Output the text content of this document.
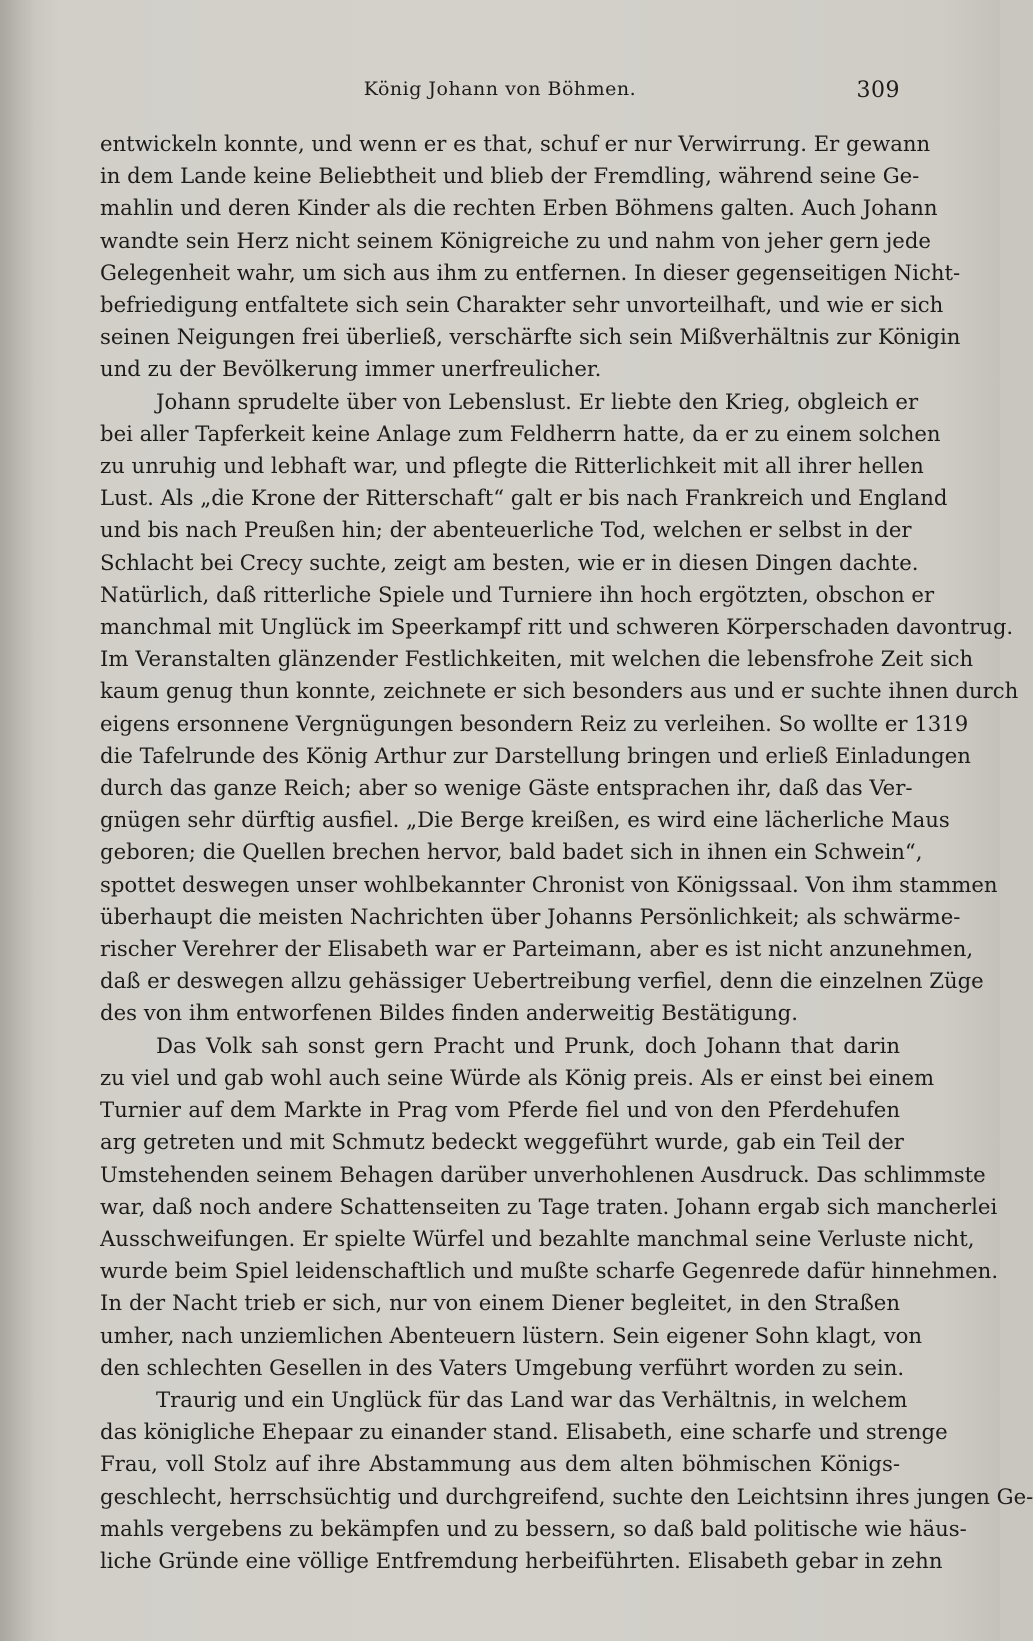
König Johann von Böhmen.	309
entwickeln konnte, und wenn er es that, schuf er nur Verwirrung. Er gewann
in dem Lande keine Beliebtheit und blieb der Fremdling, während seine Ge-
mahlin und deren Kinder als die rechten Erben Böhmens galten. Auch Johann
wandte sein Herz nicht seinem Königreiche zu und nahm von jeher gern jede
Gelegenheit wahr, um sich aus ihm zu entfernen. In dieser gegenseitigen Nicht-
befriedigung entfaltete sich sein Charakter sehr unvorteilhaft, und wie er sich
seinen Neigungen frei überließ, verschärfte sich sein Mißverhältnis zur Königin
und zu der Bevölkerung immer unerfreulicher.
Johann sprudelte über von Lebenslust. Er liebte den Krieg, obgleich er
bei aller Tapferkeit keine Anlage zum Feldherrn hatte, da er zu einem solchen
zu unruhig und lebhaft war, und pflegte die Ritterlichkeit mit all ihrer hellen
Lust. Als „die Krone der Ritterschaft“ galt er bis nach Frankreich und England
und bis nach Preußen hin; der abenteuerliche Tod, welchen er selbst in der
Schlacht bei Crecy suchte, zeigt am besten, wie er in diesen Dingen dachte.
Natürlich, daß ritterliche Spiele und Turniere ihn hoch ergötzten, obschon er
manchmal mit Unglück im Speerkampf ritt und schweren Körperschaden davontrug.
Im Veranstalten glänzender Festlichkeiten, mit welchen die lebensfrohe Zeit sich
kaum genug thun konnte, zeichnete er sich besonders aus und er suchte ihnen durch
eigens ersonnene Vergnügungen besondern Reiz zu verleihen. So wollte er 1319
die Tafelrunde des König Arthur zur Darstellung bringen und erließ Einladungen
durch das ganze Reich; aber so wenige Gäste entsprachen ihr, daß das Ver-
gnügen sehr dürftig ausfiel. „Die Berge kreißen, es wird eine lächerliche Maus
geboren; die Quellen brechen hervor, bald badet sich in ihnen ein Schwein“,
spottet deswegen unser wohlbekannter Chronist von Königssaal. Von ihm stammen
überhaupt die meisten Nachrichten über Johanns Persönlichkeit; als schwärme-
rischer Verehrer der Elisabeth war er Parteimann, aber es ist nicht anzunehmen,
daß er deswegen allzu gehässiger Uebertreibung verfiel, denn die einzelnen Züge
des von ihm entworfenen Bildes finden anderweitig Bestätigung.
Das Volk sah sonst gern Pracht und Prunk, doch Johann that darin
zu viel und gab wohl auch seine Würde als König preis. Als er einst bei einem
Turnier auf dem Markte in Prag vom Pferde fiel und von den Pferdehufen
arg getreten und mit Schmutz bedeckt weggeführt wurde, gab ein Teil der
Umstehenden seinem Behagen darüber unverhohlenen Ausdruck. Das schlimmste
war, daß noch andere Schattenseiten zu Tage traten. Johann ergab sich mancherlei
Ausschweifungen. Er spielte Würfel und bezahlte manchmal seine Verluste nicht,
wurde beim Spiel leidenschaftlich und mußte scharfe Gegenrede dafür hinnehmen.
In der Nacht trieb er sich, nur von einem Diener begleitet, in den Straßen
umher, nach unziemlichen Abenteuern lüstern. Sein eigener Sohn klagt, von
den schlechten Gesellen in des Vaters Umgebung verführt worden zu sein.
Traurig und ein Unglück für das Land war das Verhältnis, in welchem
das königliche Ehepaar zu einander stand. Elisabeth, eine scharfe und strenge
Frau, voll Stolz auf ihre Abstammung aus dem alten böhmischen Königs-
geschlecht, herrschsüchtig und durchgreifend, suchte den Leichtsinn ihres jungen Ge-
mahls vergebens zu bekämpfen und zu bessern, so daß bald politische wie häus-
liche Gründe eine völlige Entfremdung herbeiführten. Elisabeth gebar in zehn
